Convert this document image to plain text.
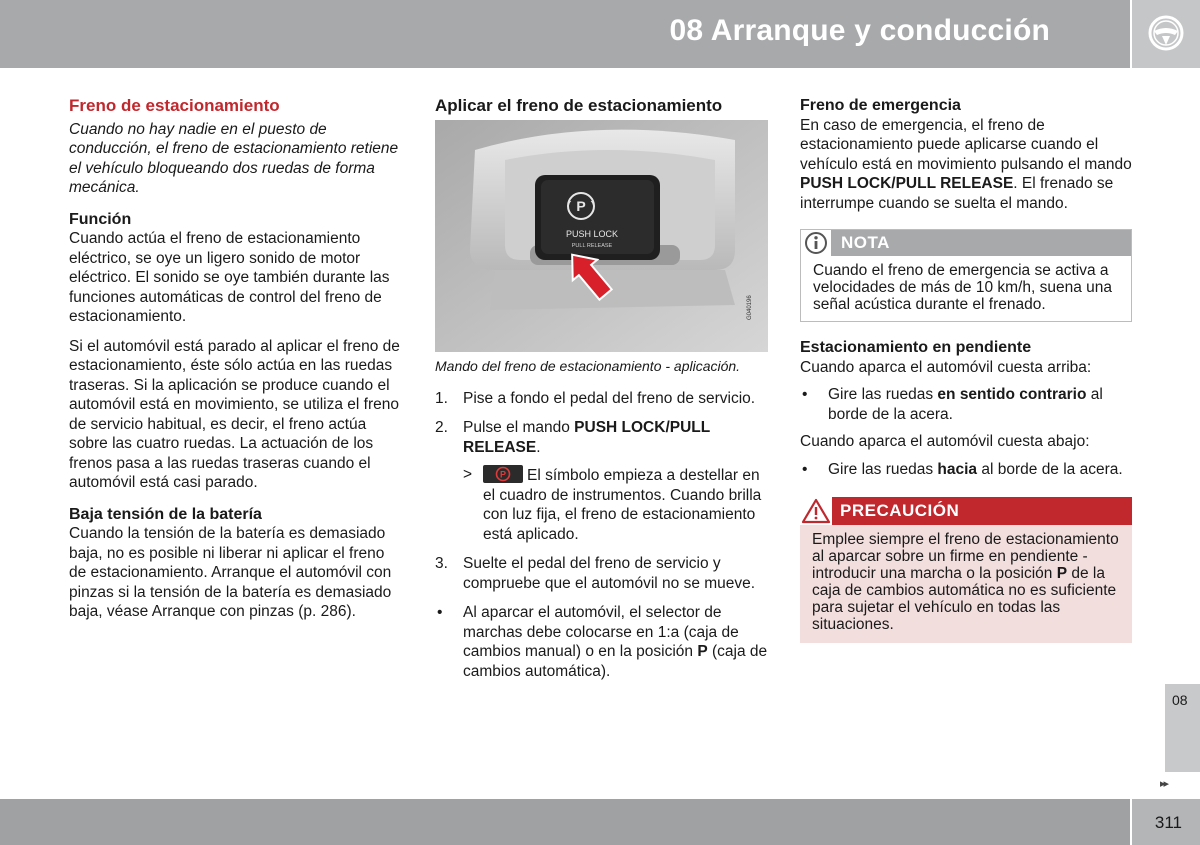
08 Arranque y conducción
Freno de estacionamiento

Cuando no hay nadie en el puesto de conducción, el freno de estacionamiento retiene el vehículo bloqueando dos ruedas de forma mecánica.

Función

Cuando actúa el freno de estacionamiento eléctrico, se oye un ligero sonido de motor eléctrico. El sonido se oye también durante las funciones automáticas de control del freno de estacionamiento.

Si el automóvil está parado al aplicar el freno de estacionamiento, éste sólo actúa en las ruedas traseras. Si la aplicación se produce cuando el automóvil está en movimiento, se utiliza el freno de servicio habitual, es decir, el freno actúa sobre las cuatro ruedas. La actuación de los frenos pasa a las ruedas traseras cuando el automóvil está casi parado.

Baja tensión de la batería

Cuando la tensión de la batería es demasiado baja, no es posible ni liberar ni aplicar el freno de estacionamiento. Arranque el automóvil con pinzas si la tensión de la batería es demasiado baja, véase Arranque con pinzas (p. 286).

Aplicar el freno de estacionamiento
P
( )
PUSH LOCK
PULL RELEASE
G040196
Mando del freno de estacionamiento - aplicación.
1. Pise a fondo el pedal del freno de servicio.
2. Pulse el mando PUSH LOCK/PULL RELEASE.
>	P El símbolo empieza a destellar en el cuadro de instrumentos. Cuando brilla con luz fija, el freno de estacionamiento está aplicado.
3. Suelte el pedal del freno de servicio y compruebe que el automóvil no se mueve.
• Al aparcar el automóvil, el selector de marchas debe colocarse en 1:a (caja de cambios manual) o en la posición P (caja de cambios automática).
Freno de emergencia

En caso de emergencia, el freno de estacionamiento puede aplicarse cuando el vehículo está en movimiento pulsando el mando PUSH LOCK/PULL RELEASE. El frenado se interrumpe cuando se suelta el mando.

NOTA
Cuando el freno de emergencia se activa a velocidades de más de 10 km/h, suena una señal acústica durante el frenado.
Estacionamiento en pendiente

Cuando aparca el automóvil cuesta arriba:

• Gire las ruedas en sentido contrario al borde de la acera.

Cuando aparca el automóvil cuesta abajo:

• Gire las ruedas hacia al borde de la acera.
PRECAUCIÓN
Emplee siempre el freno de estacionamiento al aparcar sobre un firme en pendiente - introducir una marcha o la posición P de la caja de cambios automática no es suficiente para sujetar el vehículo en todas las situaciones.
08
▸▸
311
